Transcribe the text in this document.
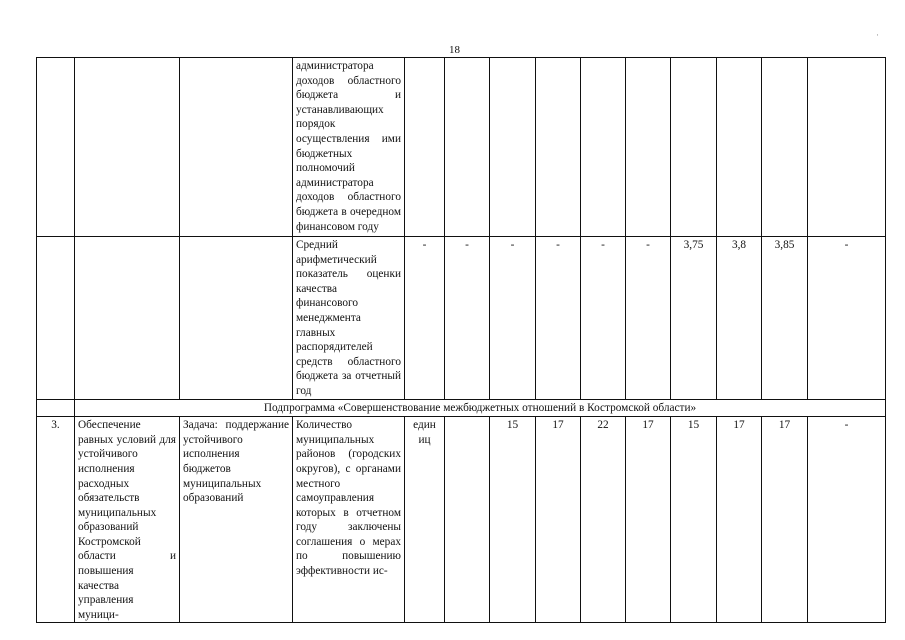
18
·

			администратора доходов областного бюджета и устанавливающих порядок осуществления ими бюджетных полномочий администратора доходов областного бюджета в очередном финансовом году										

			Средний арифметический показатель оценки качества финансового менеджмента главных распорядителей средств областного бюджета за отчетный год	-	-	-	-	-	-	3,75	3,8	3,85	-
	Подпрограмма «Совершенствование межбюджетных отношений в Костромской области»												
3.	Обеспечение равных условий для устойчивого исполнения расходных обязательств муниципальных образований Костромской области и повышения качества управления муници-	Задача: поддержание устойчивого исполнения бюджетов муниципальных образований	Количество муниципальных районов (городских округов), с органами местного самоуправления которых в отчетном году заключены соглашения о мерах по повышению эффективности ис-	единиц		15	17	22	17	15	17	17	-
